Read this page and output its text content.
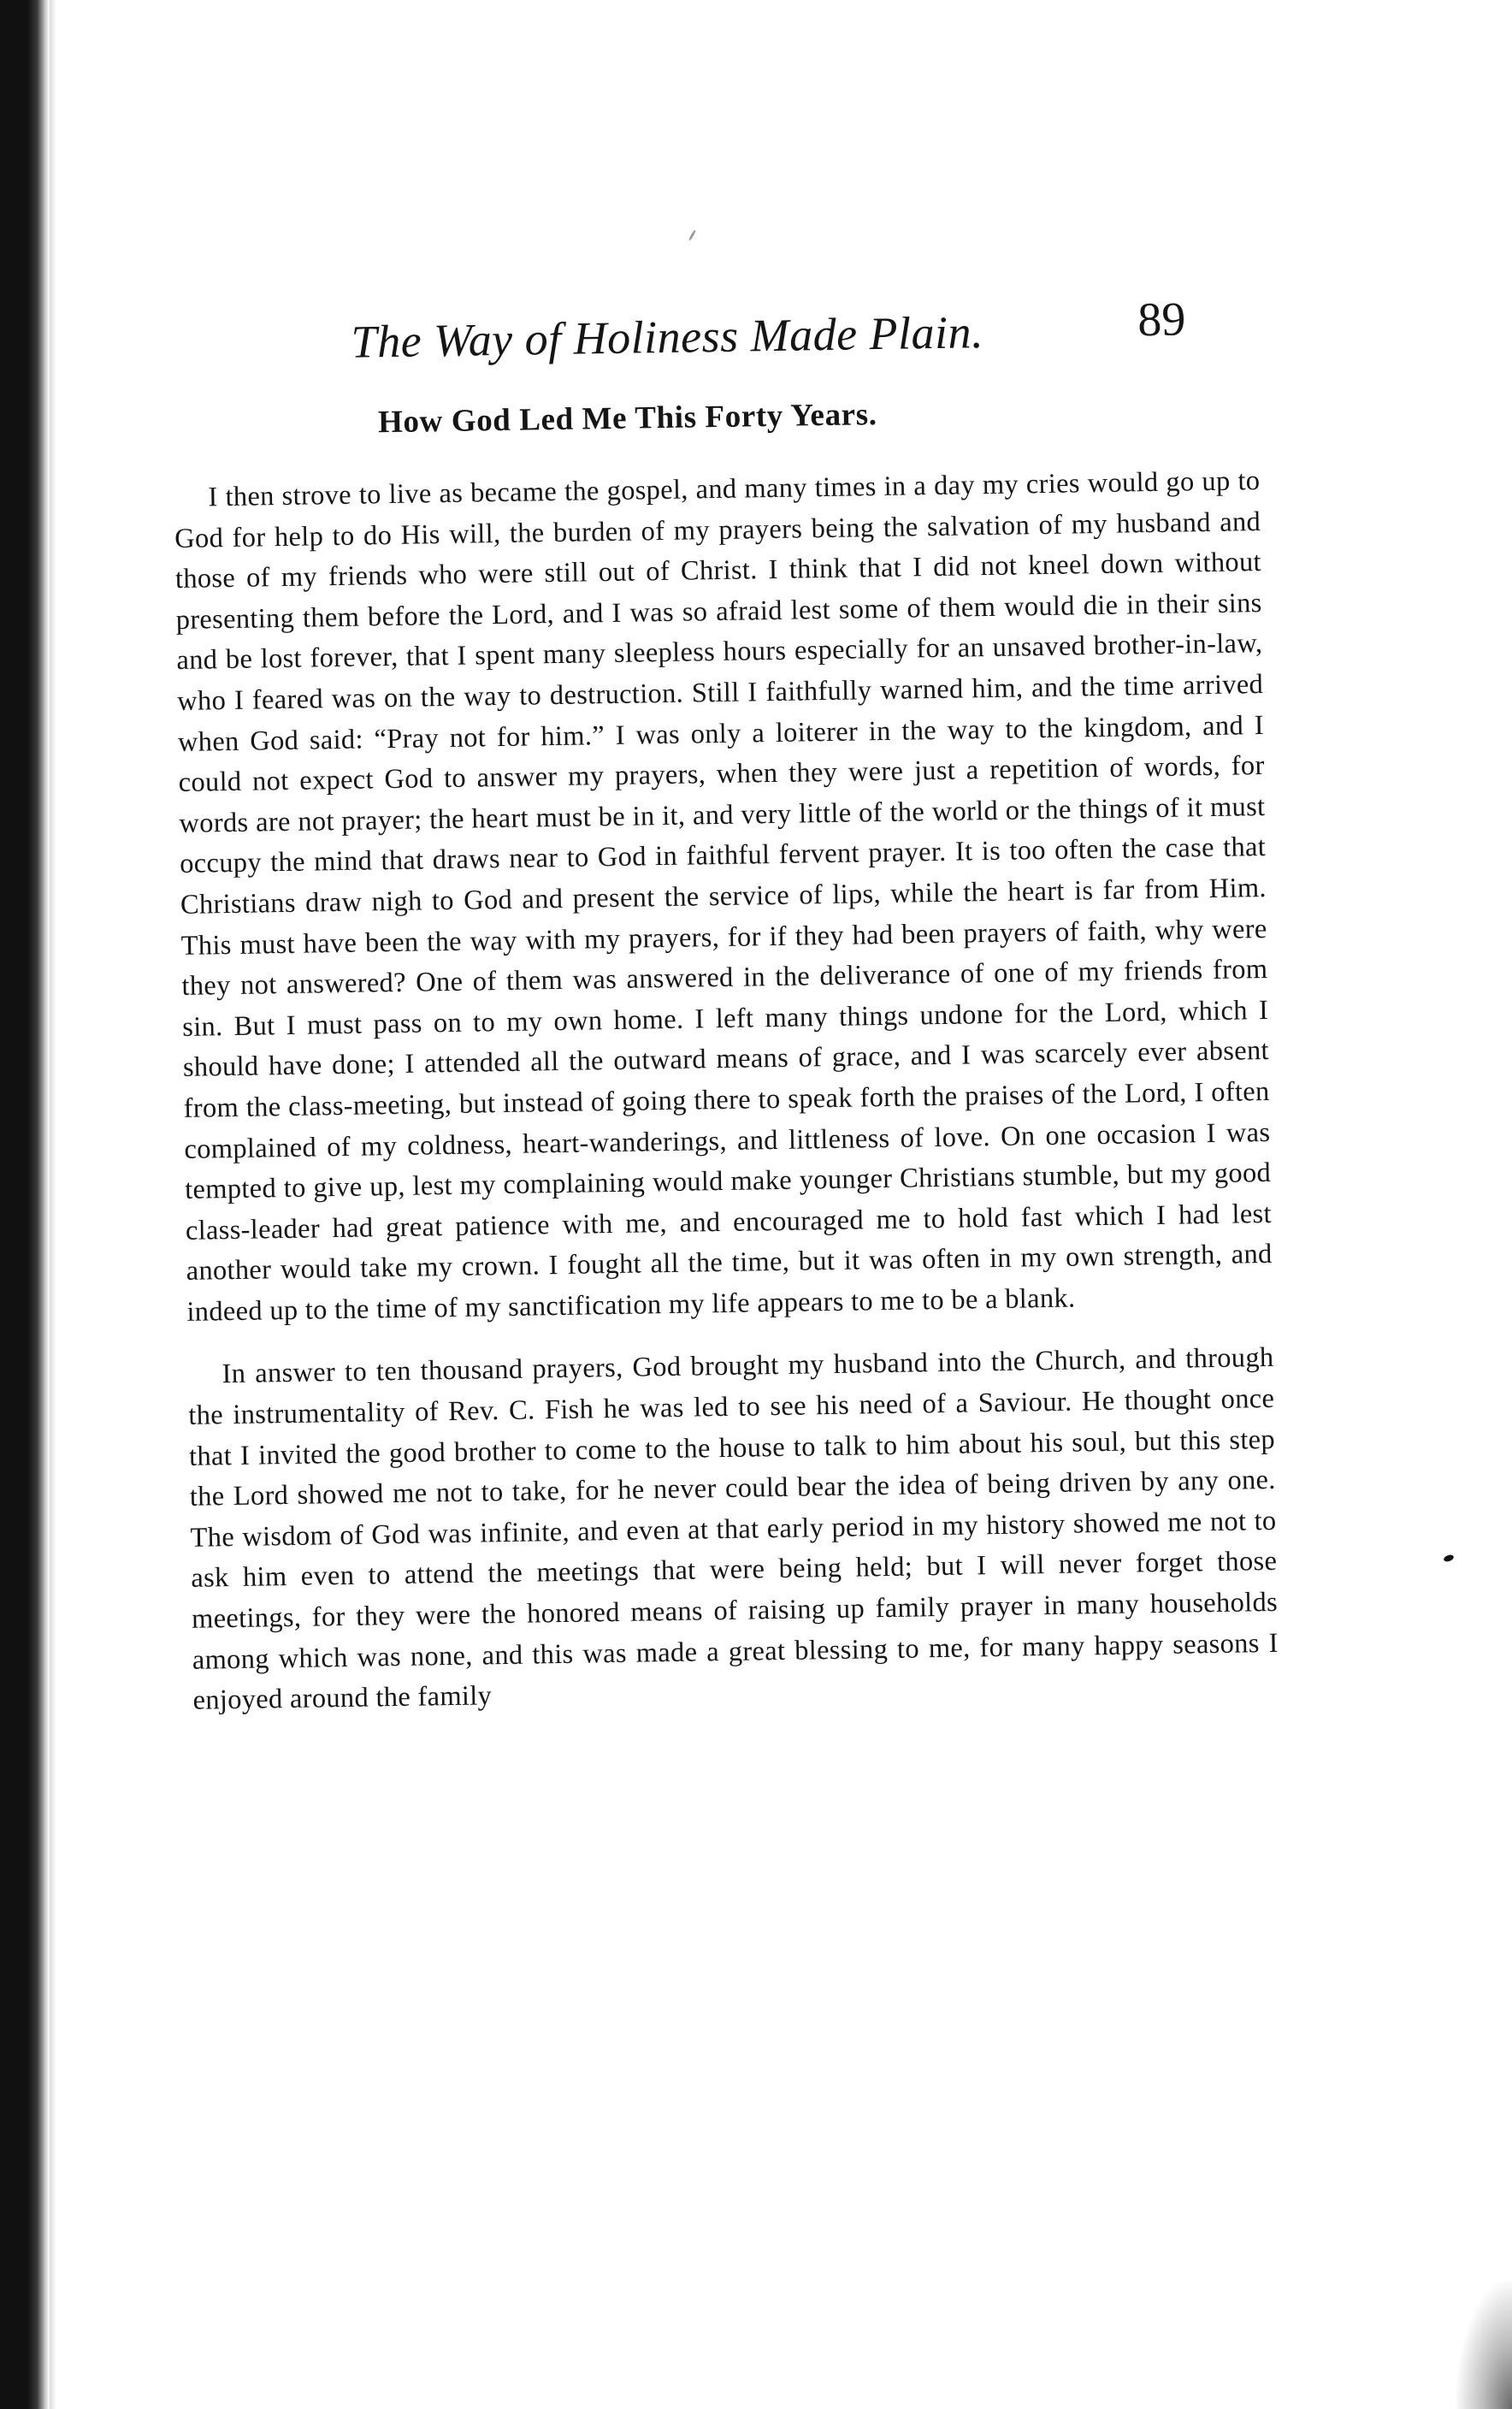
The Way of Holiness Made Plain.	89
How God Led Me This Forty Years.

I then strove to live as became the gospel, and many times in a day my cries would go up to God for help to do His will, the burden of my prayers being the salvation of my husband and those of my friends who were still out of Christ. I think that I did not kneel down without presenting them before the Lord, and I was so afraid lest some of them would die in their sins and be lost forever, that I spent many sleepless hours especially for an unsaved brother-in-law, who I feared was on the way to destruction. Still I faithfully warned him, and the time arrived when God said: “Pray not for him.” I was only a loiterer in the way to the kingdom, and I could not expect God to answer my prayers, when they were just a repetition of words, for words are not prayer; the heart must be in it, and very little of the world or the things of it must occupy the mind that draws near to God in faithful fervent prayer. It is too often the case that Christians draw nigh to God and present the service of lips, while the heart is far from Him. This must have been the way with my prayers, for if they had been prayers of faith, why were they not answered? One of them was answered in the deliverance of one of my friends from sin. But I must pass on to my own home. I left many things undone for the Lord, which I should have done; I attended all the outward means of grace, and I was scarcely ever absent from the class-meeting, but instead of going there to speak forth the praises of the Lord, I often complained of my coldness, heart-wanderings, and littleness of love. On one occasion I was tempted to give up, lest my complaining would make younger Christians stumble, but my good class-leader had great patience with me, and encouraged me to hold fast which I had lest another would take my crown. I fought all the time, but it was often in my own strength, and indeed up to the time of my sanctification my life appears to me to be a blank.

In answer to ten thousand prayers, God brought my husband into the Church, and through the instrumentality of Rev. C. Fish he was led to see his need of a Saviour. He thought once that I invited the good brother to come to the house to talk to him about his soul, but this step the Lord showed me not to take, for he never could bear the idea of being driven by any one. The wisdom of God was infinite, and even at that early period in my history showed me not to ask him even to attend the meetings that were being held; but I will never forget those meetings, for they were the honored means of raising up family prayer in many households among which was none, and this was made a great blessing to me, for many happy seasons I enjoyed around the family
